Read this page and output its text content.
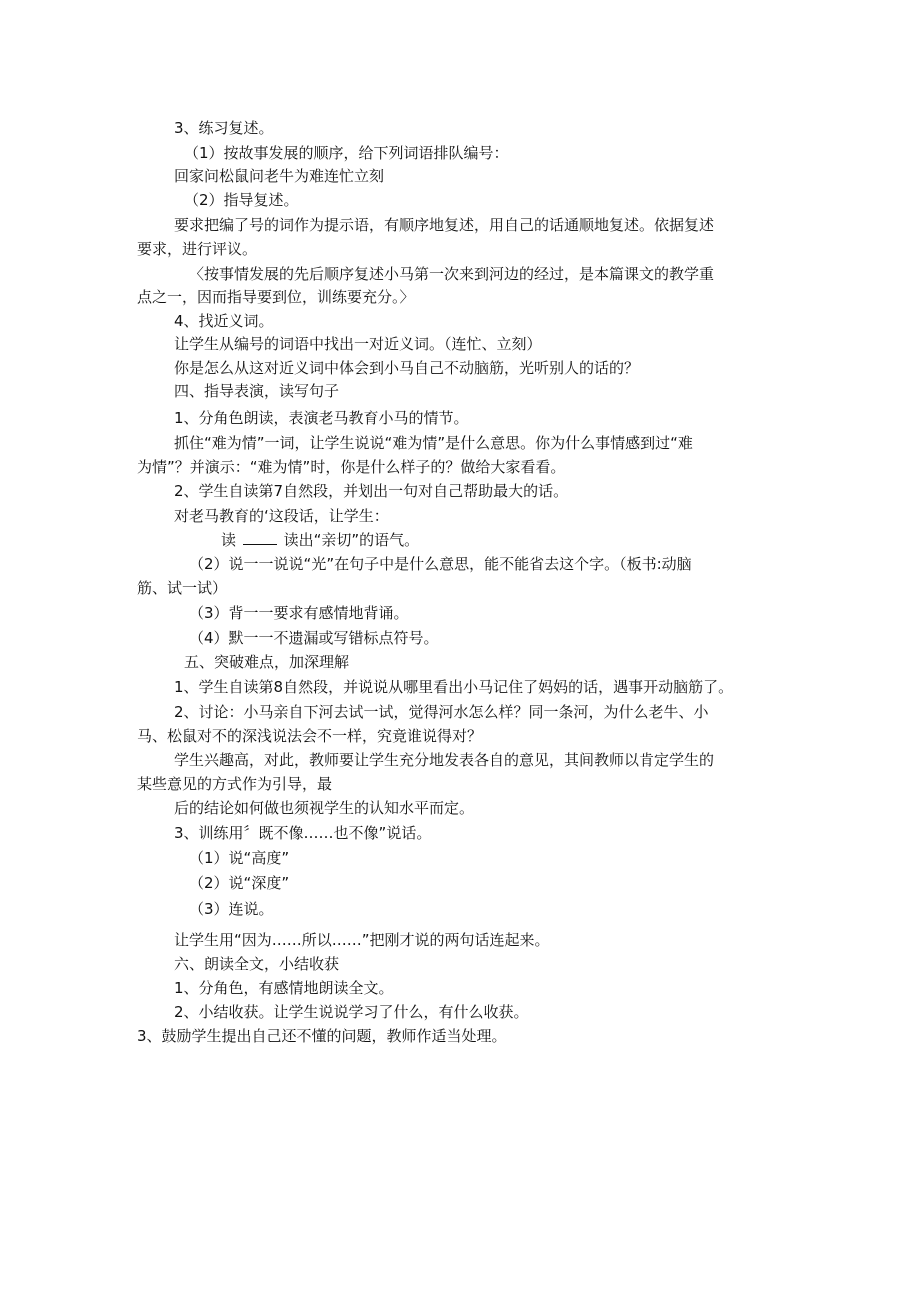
3、练习复述。
（1）按故事发展的顺序，给下列词语排队编号：
回家问松鼠问老牛为难连忙立刻
（2）指导复述。
要求把编了号的词作为提示语，有顺序地复述，用自己的话通顺地复述。依据复述
要求，进行评议。
〈按事情发展的先后顺序复述小马第一次来到河边的经过，是本篇课文的教学重
点之一，因而指导要到位，训练要充分。〉
4、找近义词。
让学生从编号的词语中找出一对近义词。（连忙、立刻）
你是怎么从这对近义词中体会到小马自己不动脑筋，光听别人的话的？
四、指导表演，读写句子
1、分角色朗读，表演老马教育小马的情节。
抓住“难为情”一词，让学生说说“难为情”是什么意思。你为什么事情感到过“难
为情”？并演示：“难为情”时，你是什么样子的？做给大家看看。
2、学生自读第7自然段，并划出一句对自己帮助最大的话。
对老马教育的‘这段话，让学生：
读	读出“亲切”的语气。
（2）说一一说说“光”在句子中是什么意思，能不能省去这个字。（板书:动脑
筋、试一试）
（3）背一一要求有感情地背诵。
（4）默一一不遗漏或写错标点符号。
五、突破难点，加深理解
1、学生自读第8自然段，并说说从哪里看出小马记住了妈妈的话，遇事开动脑筋了。
2、讨论：小马亲自下河去试一试，觉得河水怎么样？同一条河，为什么老牛、小
马、松鼠对不的深浅说法会不一样，究竟谁说得对？
学生兴趣高，对此，教师要让学生充分地发表各自的意见，其间教师以肯定学生的
某些意见的方式作为引导，最
后的结论如何做也须视学生的认知水平而定。
3、训练用〞既不像……也不像”说话。
（1）说“高度”
（2）说“深度”
（3）连说。
让学生用“因为……所以……”把刚才说的两句话连起来。
六、朗读全文，小结收获
1、分角色，有感情地朗读全文。
2、小结收获。让学生说说学习了什么，有什么收获。
3、鼓励学生提出自己还不懂的问题，教师作适当处理。
